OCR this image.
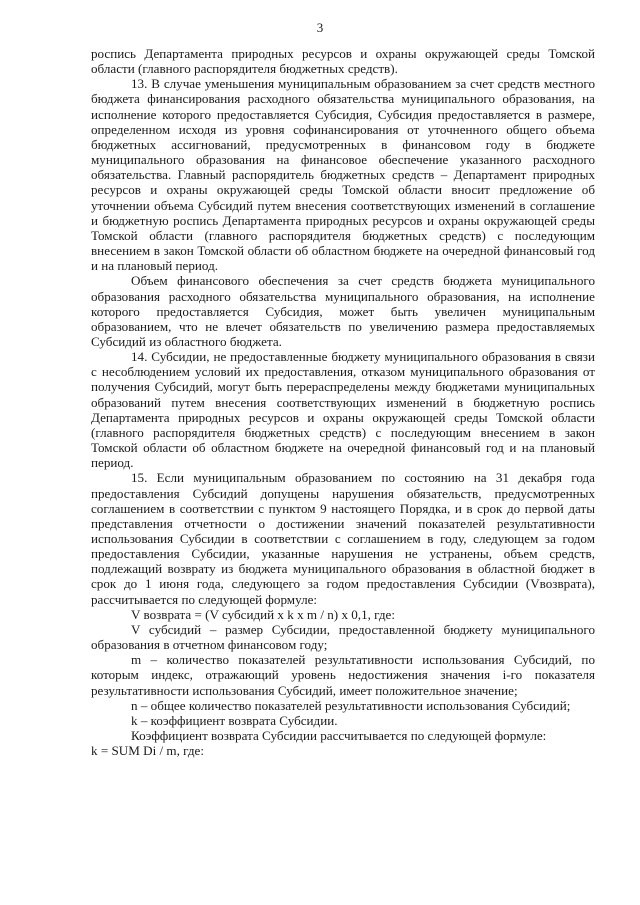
3

роспись Департамента природных ресурсов и охраны окружающей среды Томской области (главного распорядителя бюджетных средств).

13. В случае уменьшения муниципальным образованием за счет средств местного бюджета финансирования расходного обязательства муниципального образования, на исполнение которого предоставляется Субсидия, Субсидия предоставляется в размере, определенном исходя из уровня софинансирования от уточненного общего объема бюджетных ассигнований, предусмотренных в финансовом году в бюджете муниципального образования на финансовое обеспечение указанного расходного обязательства. Главный распорядитель бюджетных средств – Департамент природных ресурсов и охраны окружающей среды Томской области вносит предложение об уточнении объема Субсидий путем внесения соответствующих изменений в соглашение и бюджетную роспись Департамента природных ресурсов и охраны окружающей среды Томской области (главного распорядителя бюджетных средств) с последующим внесением в закон Томской области об областном бюджете на очередной финансовый год и на плановый период.

Объем финансового обеспечения за счет средств бюджета муниципального образования расходного обязательства муниципального образования, на исполнение которого предоставляется Субсидия, может быть увеличен муниципальным образованием, что не влечет обязательств по увеличению размера предоставляемых Субсидий из областного бюджета.

14. Субсидии, не предоставленные бюджету муниципального образования в связи с несоблюдением условий их предоставления, отказом муниципального образования от получения Субсидий, могут быть перераспределены между бюджетами муниципальных образований путем внесения соответствующих изменений в бюджетную роспись Департамента природных ресурсов и охраны окружающей среды Томской области (главного распорядителя бюджетных средств) с последующим внесением в закон Томской области об областном бюджете на очередной финансовый год и на плановый период.

15. Если муниципальным образованием по состоянию на 31 декабря года предоставления Субсидий допущены нарушения обязательств, предусмотренных соглашением в соответствии с пунктом 9 настоящего Порядка, и в срок до первой даты представления отчетности о достижении значений показателей результативности использования Субсидии в соответствии с соглашением в году, следующем за годом предоставления Субсидии, указанные нарушения не устранены, объем средств, подлежащий возврату из бюджета муниципального образования в областной бюджет в срок до 1 июня года, следующего за годом предоставления Субсидии (Vвозврата), рассчитывается по следующей формуле:

V возврата = (V субсидий x k x m / n) x 0,1, где:

V субсидий – размер Субсидии, предоставленной бюджету муниципального образования в отчетном финансовом году;

m – количество показателей результативности использования Субсидий, по которым индекс, отражающий уровень недостижения значения i-го показателя результативности использования Субсидий, имеет положительное значение;

n – общее количество показателей результативности использования Субсидий;

k – коэффициент возврата Субсидии.

Коэффициент возврата Субсидии рассчитывается по следующей формуле:

k = SUM Di / m, где:
